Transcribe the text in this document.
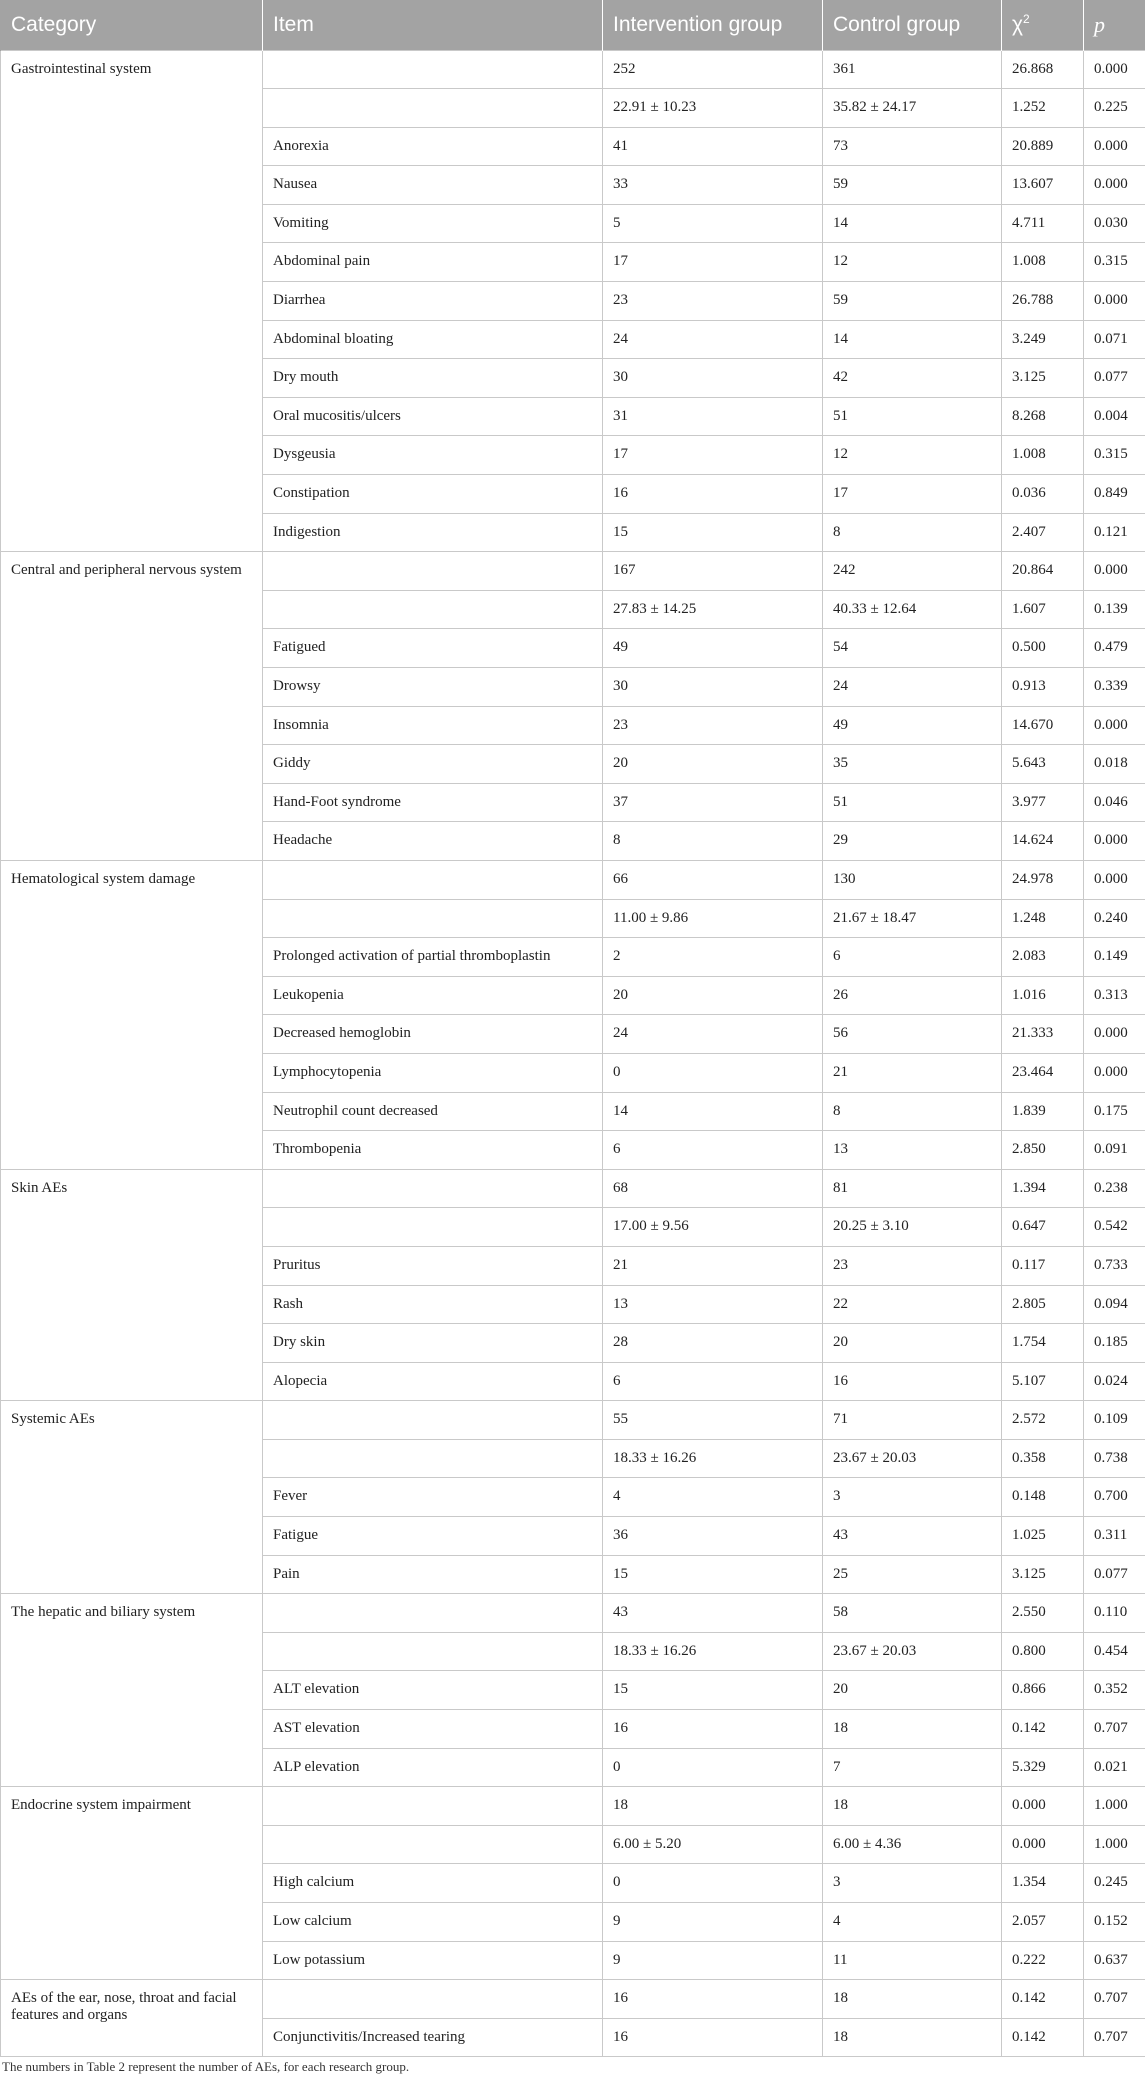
Category	Item	Intervention group	Control group	$\chi^2$	p
Gastrointestinal system		252	361	26.868	0.000
		22.91 ± 10.23	35.82 ± 24.17	1.252	0.225
	Anorexia	41	73	20.889	0.000
	Nausea	33	59	13.607	0.000
	Vomiting	5	14	4.711	0.030
	Abdominal pain	17	12	1.008	0.315
	Diarrhea	23	59	26.788	0.000
	Abdominal bloating	24	14	3.249	0.071
	Dry mouth	30	42	3.125	0.077
	Oral mucositis/ulcers	31	51	8.268	0.004
	Dysgeusia	17	12	1.008	0.315
	Constipation	16	17	0.036	0.849
	Indigestion	15	8	2.407	0.121
Central and peripheral nervous system		167	242	20.864	0.000
		27.83 ± 14.25	40.33 ± 12.64	1.607	0.139
	Fatigued	49	54	0.500	0.479
	Drowsy	30	24	0.913	0.339
	Insomnia	23	49	14.670	0.000
	Giddy	20	35	5.643	0.018
	Hand-Foot syndrome	37	51	3.977	0.046
	Headache	8	29	14.624	0.000
Hematological system damage		66	130	24.978	0.000
		11.00 ± 9.86	21.67 ± 18.47	1.248	0.240
	Prolonged activation of partial thromboplastin	2	6	2.083	0.149
	Leukopenia	20	26	1.016	0.313
	Decreased hemoglobin	24	56	21.333	0.000
	Lymphocytopenia	0	21	23.464	0.000
	Neutrophil count decreased	14	8	1.839	0.175
	Thrombopenia	6	13	2.850	0.091
Skin AEs		68	81	1.394	0.238
		17.00 ± 9.56	20.25 ± 3.10	0.647	0.542
	Pruritus	21	23	0.117	0.733
	Rash	13	22	2.805	0.094
	Dry skin	28	20	1.754	0.185
	Alopecia	6	16	5.107	0.024
Systemic AEs		55	71	2.572	0.109
		18.33 ± 16.26	23.67 ± 20.03	0.358	0.738
	Fever	4	3	0.148	0.700
	Fatigue	36	43	1.025	0.311
	Pain	15	25	3.125	0.077
The hepatic and biliary system		43	58	2.550	0.110
		18.33 ± 16.26	23.67 ± 20.03	0.800	0.454
	ALT elevation	15	20	0.866	0.352
	AST elevation	16	18	0.142	0.707
	ALP elevation	0	7	5.329	0.021
Endocrine system impairment		18	18	0.000	1.000
		6.00 ± 5.20	6.00 ± 4.36	0.000	1.000
	High calcium	0	3	1.354	0.245
	Low calcium	9	4	2.057	0.152
	Low potassium	9	11	0.222	0.637
AEs of the ear, nose, throat and facial features and organs		16	18	0.142	0.707
	Conjunctivitis/Increased tearing	16	18	0.142	0.707
The numbers in Table 2 represent the number of AEs, for each research group.
